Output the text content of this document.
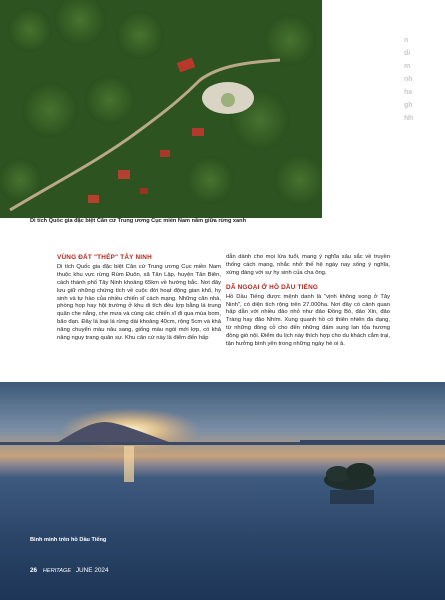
Di tích Quốc gia đặc biệt Căn cứ Trung ương Cục miền Nam nằm giữa rừng xanh
n
di
m
nh
ha
gh
Nh
VÙNG ĐẤT "THÉP" TÂY NINH

Di tích Quốc gia đặc biệt Căn cứ Trung ương Cục miền Nam thuộc khu vực rừng Rùm Đuôn, xã Tân Lập, huyện Tân Biên, cách thành phố Tây Ninh khoảng 65km về hướng bắc. Nơi đây lưu giữ những chứng tích về cuộc đời hoạt động gian khổ, hy sinh và tự hào của nhiều chiến sĩ cách mạng. Những căn nhà, phòng họp hay hội trường ở khu di tích đều lợp bằng lá trung quân che nắng, che mưa và cùng các chiến sĩ đi qua mùa bom, bão đạn. Đây là loại lá rừng dài khoảng 40cm, rộng 5cm và khả năng chuyển màu nâu sang, giống màu ngói mới lợp, có khả năng nguy trang quân sự. Khu căn cứ này là điểm đến hấp

dẫn dành cho mọi lứa tuổi, mang ý nghĩa sâu sắc về truyền thống cách mạng, nhắc nhở thế hệ ngày nay sống ý nghĩa, xứng đáng với sự hy sinh của cha ông.

DÃ NGOẠI Ở HỒ DẦU TIẾNG

Hồ Dầu Tiếng được mệnh danh là "vịnh không song ở Tây Ninh", có diện tích rộng trên 27.000ha. Nơi đây có cảnh quan hấp dẫn với nhiều đảo nhỏ như đảo Đồng Bò, đảo Xin, đảo Tràng hay đảo Nhím. Xung quanh hồ có thiên nhiên đa dạng, từ những đồng cỏ cho đến những đám sung lan tỏa hương đồng gió nội. Điểm du lịch này thích hợp cho du khách cắm trại, tận hưởng bình yên trong những ngày hè oi ả.

Bình minh trên hồ Dầu Tiếng
26 HERITAGE JUNE 2024
